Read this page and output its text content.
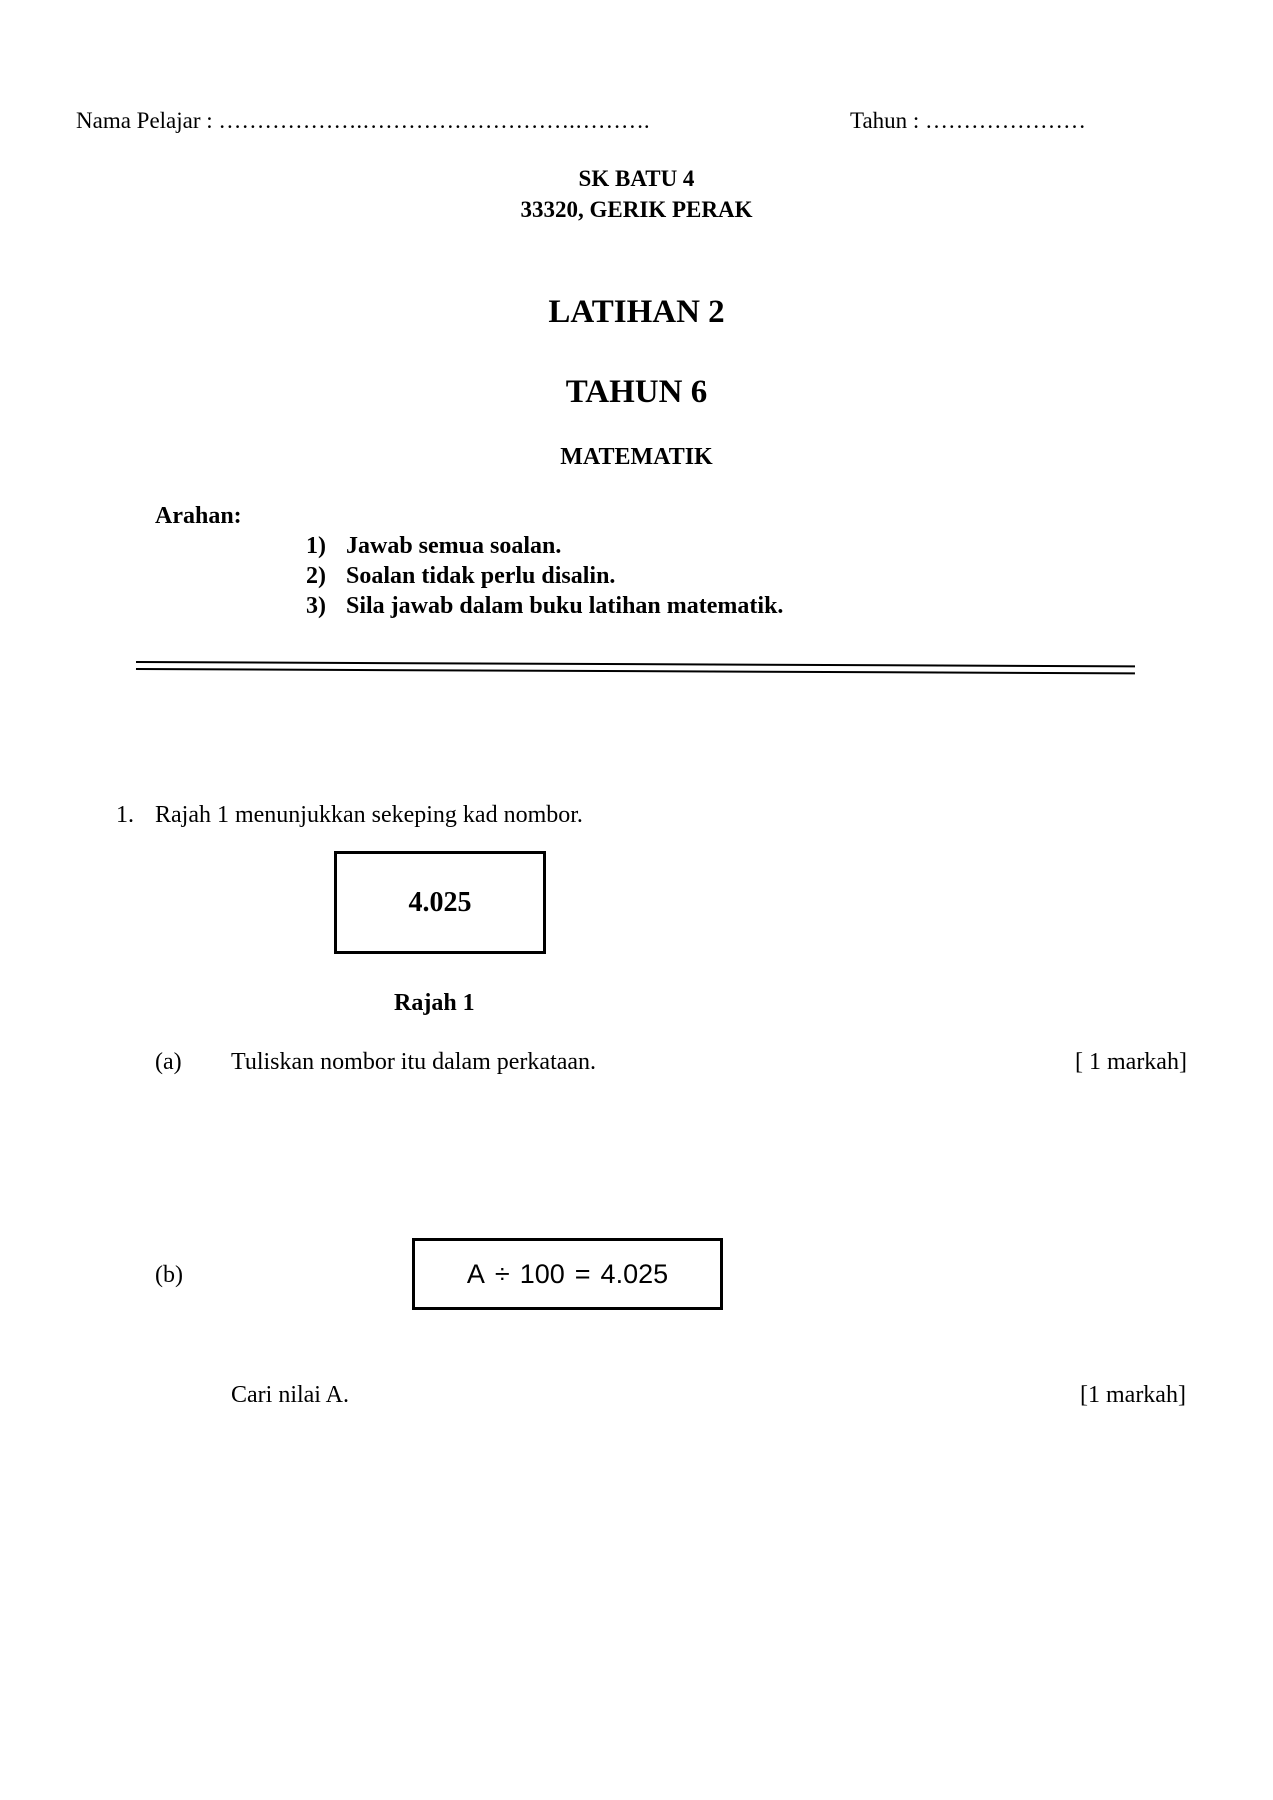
Nama Pelajar : ……………….……………………….……….	Tahun : …………………
SK BATU 4
33320, GERIK PERAK
LATIHAN 2
TAHUN 6
MATEMATIK
Arahan:
1) Jawab semua soalan.
2) Soalan tidak perlu disalin.
3) Sila jawab dalam buku latihan matematik.
1. Rajah 1 menunjukkan sekeping kad nombor.
4.025
Rajah 1
(a) Tuliskan nombor itu dalam perkataan.	[ 1 markah]
(b)	A ÷ 100 = 4.025
Cari nilai A.	[1 markah]
